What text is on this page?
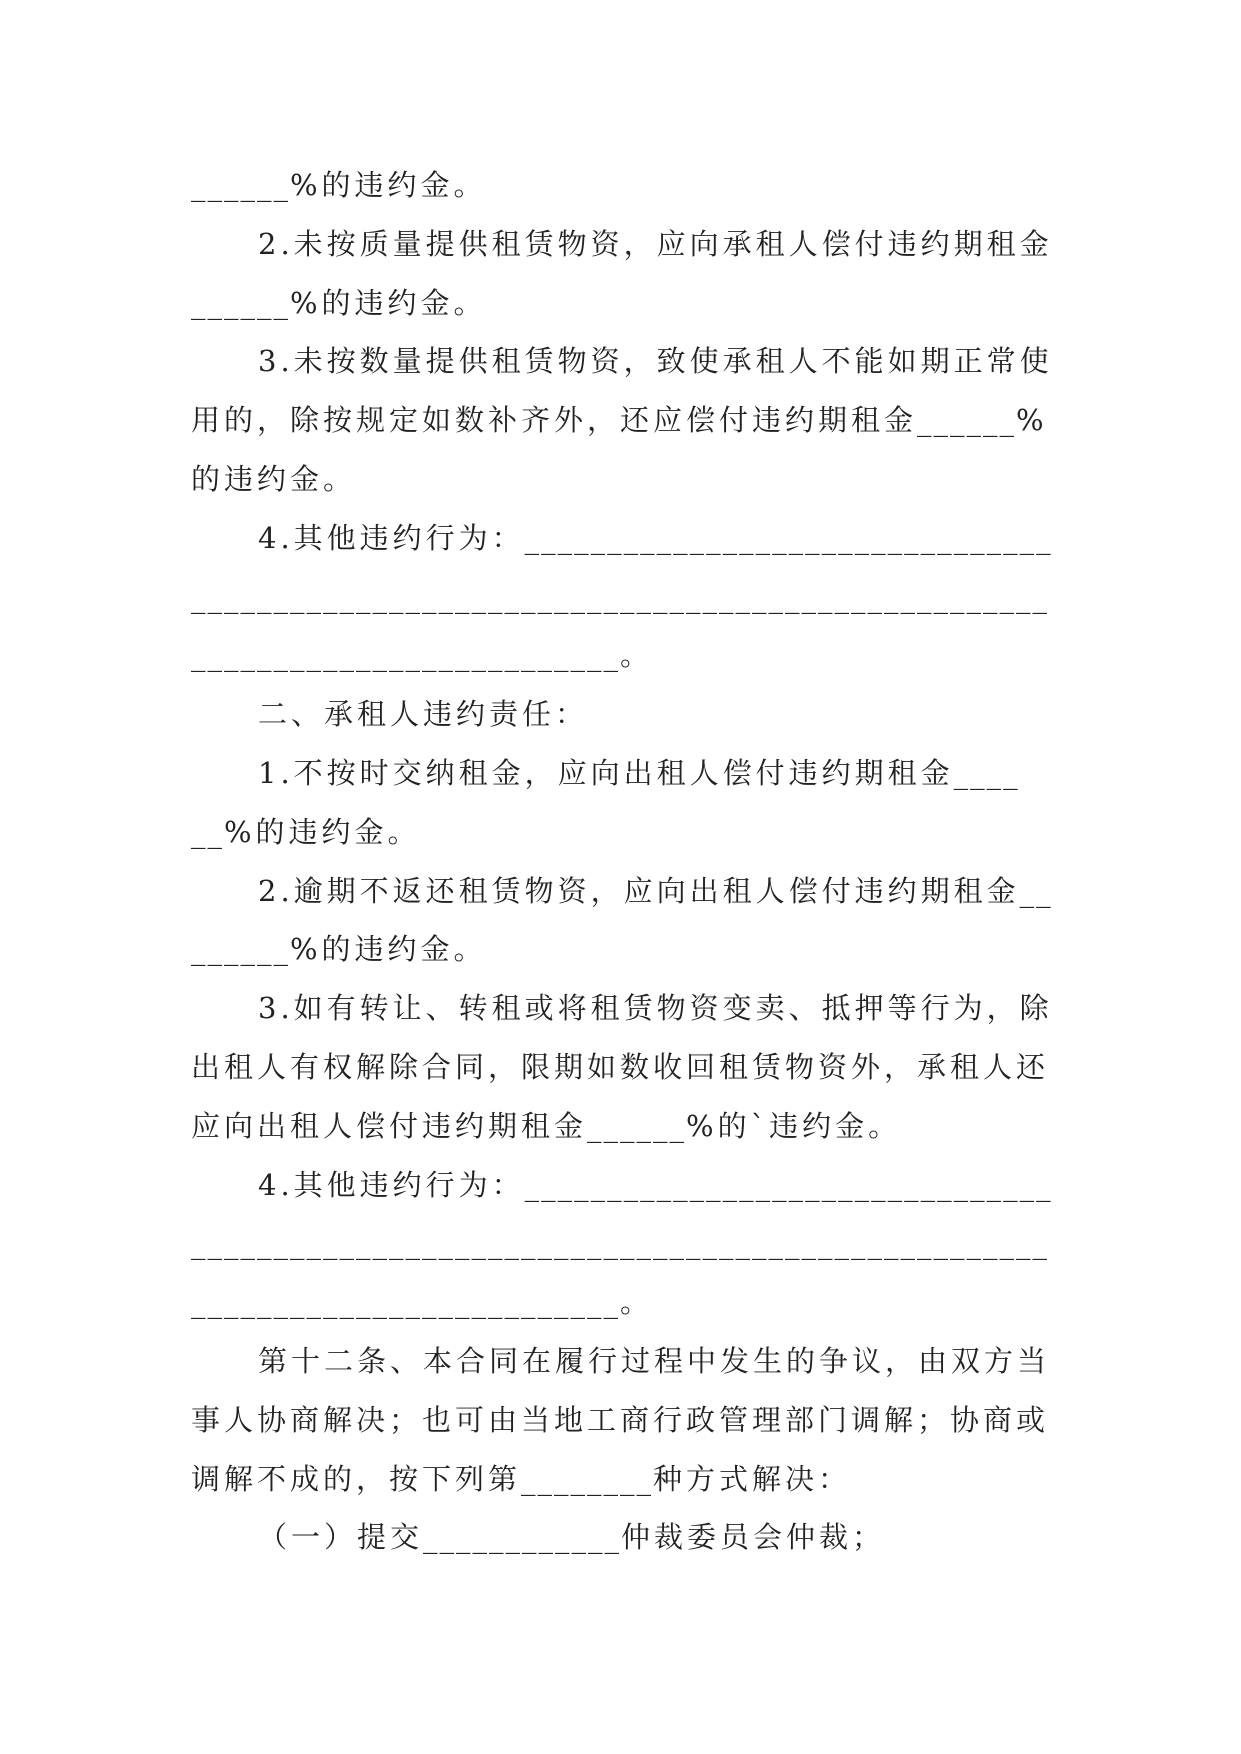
______%的违约金。
2.未按质量提供租赁物资，应向承租人偿付违约期租金
______%的违约金。
3.未按数量提供租赁物资，致使承租人不能如期正常使
用的，除按规定如数补齐外，还应偿付违约期租金______%
的违约金。
4.其他违约行为：________________________________
____________________________________________________
__________________________。
二、承租人违约责任：
1.不按时交纳租金，应向出租人偿付违约期租金____
__%的违约金。
2.逾期不返还租赁物资，应向出租人偿付违约期租金__
______%的违约金。
3.如有转让、转租或将租赁物资变卖、抵押等行为，除
出租人有权解除合同，限期如数收回租赁物资外，承租人还
应向出租人偿付违约期租金______%的`违约金。
4.其他违约行为：________________________________
____________________________________________________
__________________________。
第十二条、本合同在履行过程中发生的争议，由双方当
事人协商解决；也可由当地工商行政管理部门调解；协商或
调解不成的，按下列第________种方式解决：
（一）提交____________仲裁委员会仲裁；
